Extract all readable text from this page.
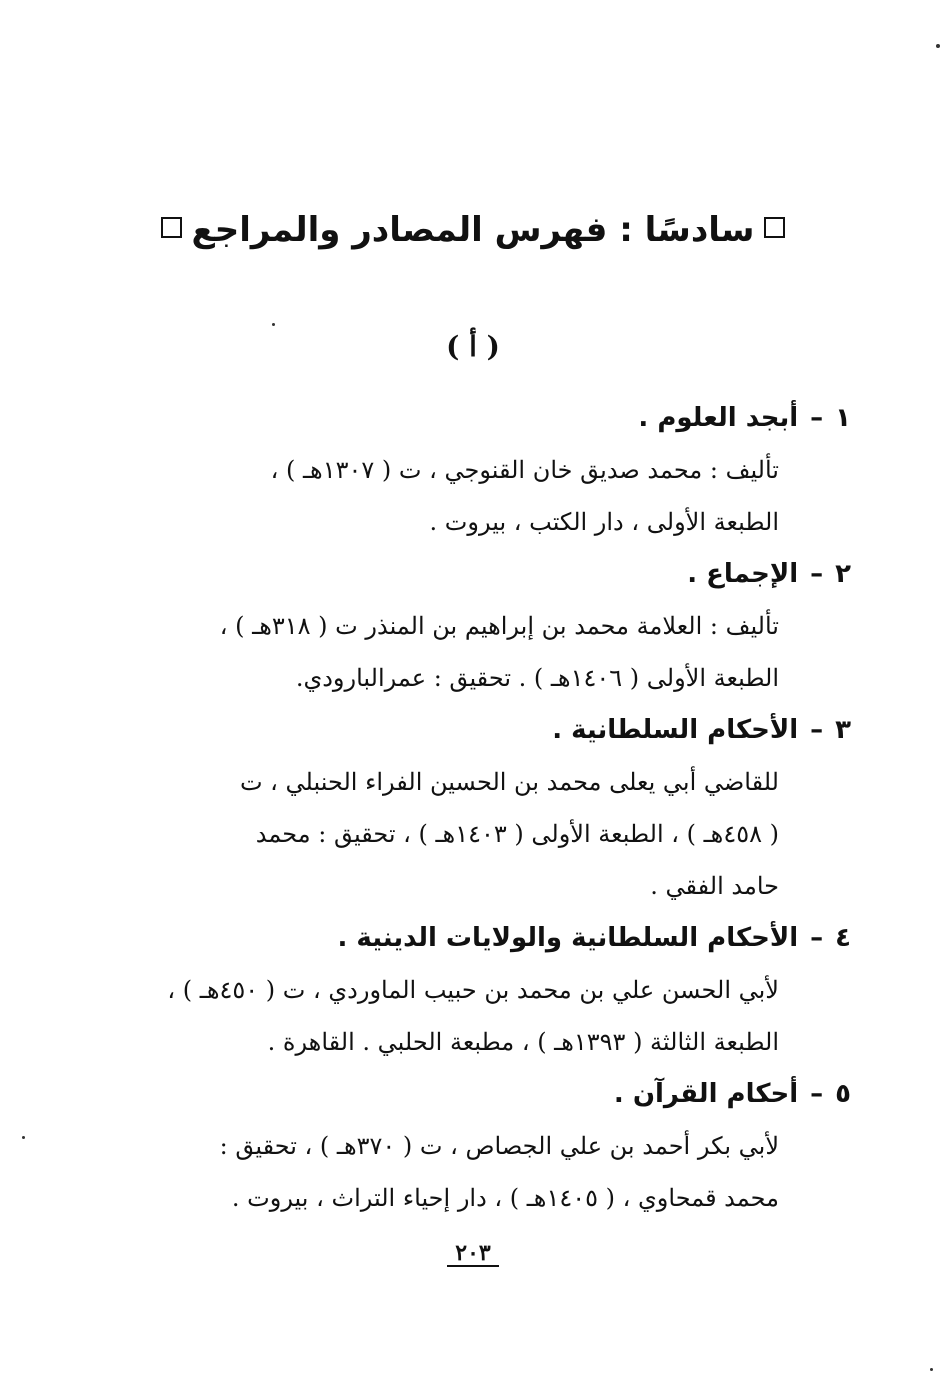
سادسًا : فهرس المصادر والمراجع
( أ )
١–أبجد العلوم .
تأليف : محمد صديق خان القنوجي ، ت ( ١٣٠٧هـ ) ،
الطبعة الأولى ، دار الكتب ، بيروت .
٢–الإجماع .
تأليف : العلامة محمد بن إبراهيم بن المنذر ت ( ٣١٨هـ ) ،
الطبعة الأولى ( ١٤٠٦هـ ) . تحقيق : عمرالبارودي.
٣–الأحكام السلطانية .
للقاضي أبي يعلى محمد بن الحسين الفراء الحنبلي ، ت
( ٤٥٨هـ ) ، الطبعة الأولى ( ١٤٠٣هـ ) ، تحقيق : محمد
حامد الفقي .
٤–الأحكام السلطانية والولايات الدينية .
لأبي الحسن علي بن محمد بن حبيب الماوردي ، ت ( ٤٥٠هـ ) ،
الطبعة الثالثة ( ١٣٩٣هـ ) ، مطبعة الحلبي . القاهرة .
٥–أحكام القرآن .
لأبي بكر أحمد بن علي الجصاص ، ت ( ٣٧٠هـ ) ، تحقيق :
محمد قمحاوي ، ( ١٤٠٥هـ ) ، دار إحياء التراث ، بيروت .
٢٠٣
